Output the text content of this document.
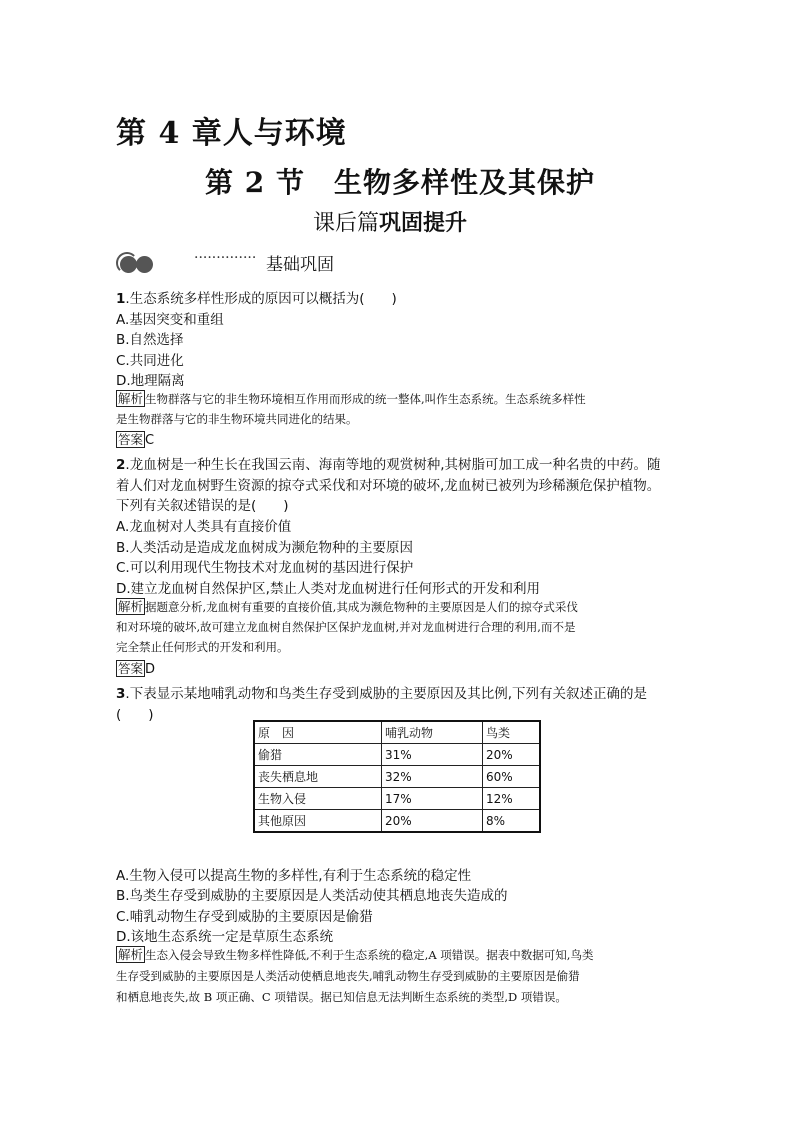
第 4 章人与环境
第 2 节　生物多样性及其保护
课后篇巩固提升
·············· 基础巩固
1.生态系统多样性形成的原因可以概括为(　　)
A.基因突变和重组
B.自然选择
C.共同进化
D.地理隔离
解析 生物群落与它的非生物环境相互作用而形成的统一整体,叫作生态系统。生态系统多样性
是生物群落与它的非生物环境共同进化的结果。
答案 C
2.龙血树是一种生长在我国云南、海南等地的观赏树种,其树脂可加工成一种名贵的中药。随
着人们对龙血树野生资源的掠夺式采伐和对环境的破坏,龙血树已被列为珍稀濒危保护植物。
下列有关叙述错误的是(　　)
A.龙血树对人类具有直接价值
B.人类活动是造成龙血树成为濒危物种的主要原因
C.可以利用现代生物技术对龙血树的基因进行保护
D.建立龙血树自然保护区,禁止人类对龙血树进行任何形式的开发和利用
解析 据题意分析,龙血树有重要的直接价值,其成为濒危物种的主要原因是人们的掠夺式采伐
和对环境的破坏,故可建立龙血树自然保护区保护龙血树,并对龙血树进行合理的利用,而不是
完全禁止任何形式的开发和利用。
答案 D
3.下表显示某地哺乳动物和鸟类生存受到威胁的主要原因及其比例,下列有关叙述正确的是
(　　)
原　因	哺乳动物	鸟类
偷猎	31%	20%
丧失栖息地	32%	60%
生物入侵	17%	12%
其他原因	20%	8%
A.生物入侵可以提高生物的多样性,有利于生态系统的稳定性
B.鸟类生存受到威胁的主要原因是人类活动使其栖息地丧失造成的
C.哺乳动物生存受到威胁的主要原因是偷猎
D.该地生态系统一定是草原生态系统
解析 生态入侵会导致生物多样性降低,不利于生态系统的稳定,A 项错误。据表中数据可知,鸟类
生存受到威胁的主要原因是人类活动使栖息地丧失,哺乳动物生存受到威胁的主要原因是偷猎
和栖息地丧失,故 B 项正确、C 项错误。据已知信息无法判断生态系统的类型,D 项错误。
